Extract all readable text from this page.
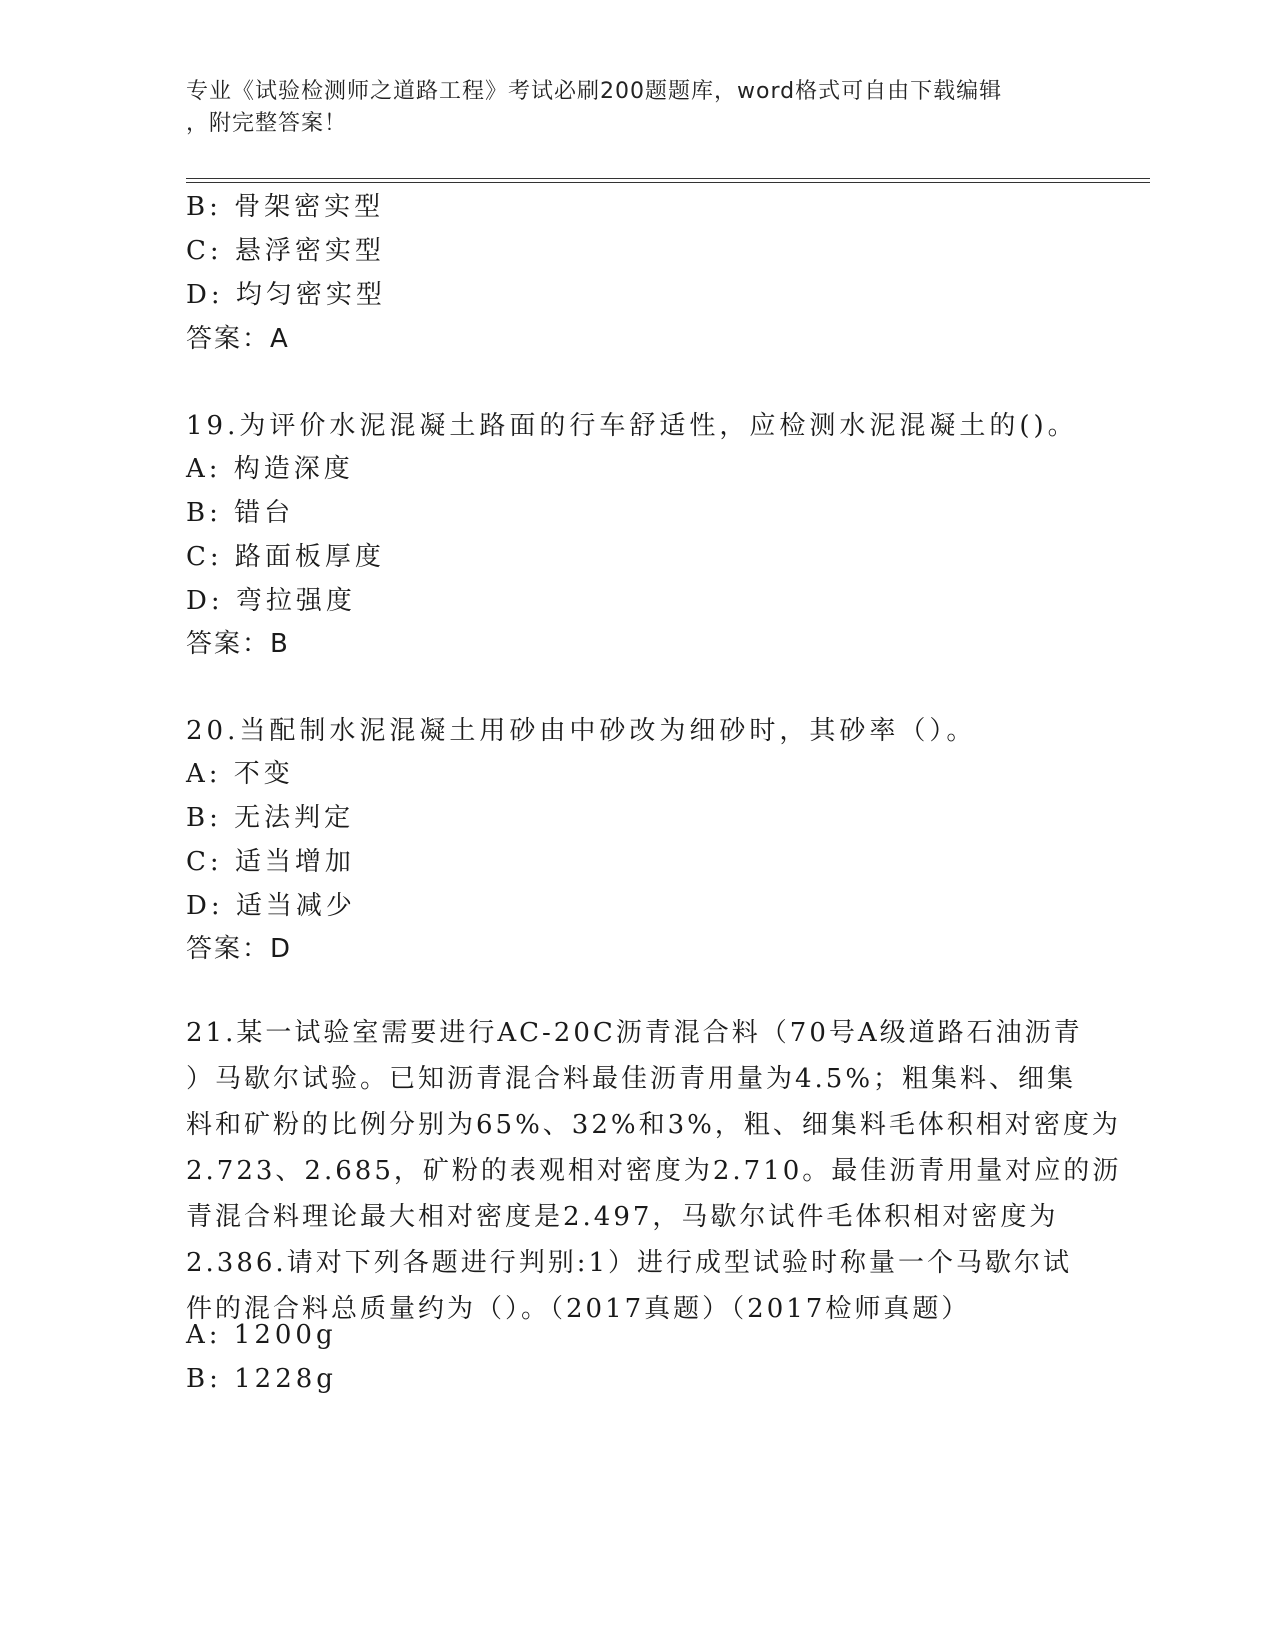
专业《试验检测师之道路工程》考试必刷200题题库，word格式可自由下载编辑
，附完整答案！
B: 骨架密实型
C: 悬浮密实型
D: 均匀密实型
答案：A
19.为评价水泥混凝土路面的行车舒适性，应检测水泥混凝土的()。
A: 构造深度
B: 错台
C: 路面板厚度
D: 弯拉强度
答案：B
20.当配制水泥混凝土用砂由中砂改为细砂时，其砂率（）。
A: 不变
B: 无法判定
C: 适当增加
D: 适当减少
答案：D
21.某一试验室需要进行AC-20C沥青混合料（70号A级道路石油沥青
）马歇尔试验。已知沥青混合料最佳沥青用量为4.5%；粗集料、细集
料和矿粉的比例分别为65%、32%和3%，粗、细集料毛体积相对密度为
2.723、2.685，矿粉的表观相对密度为2.710。最佳沥青用量对应的沥
青混合料理论最大相对密度是2.497，马歇尔试件毛体积相对密度为
2.386.请对下列各题进行判别:1）进行成型试验时称量一个马歇尔试
件的混合料总质量约为（）。（2017真题）（2017检师真题）
A: 1200g
B: 1228g
